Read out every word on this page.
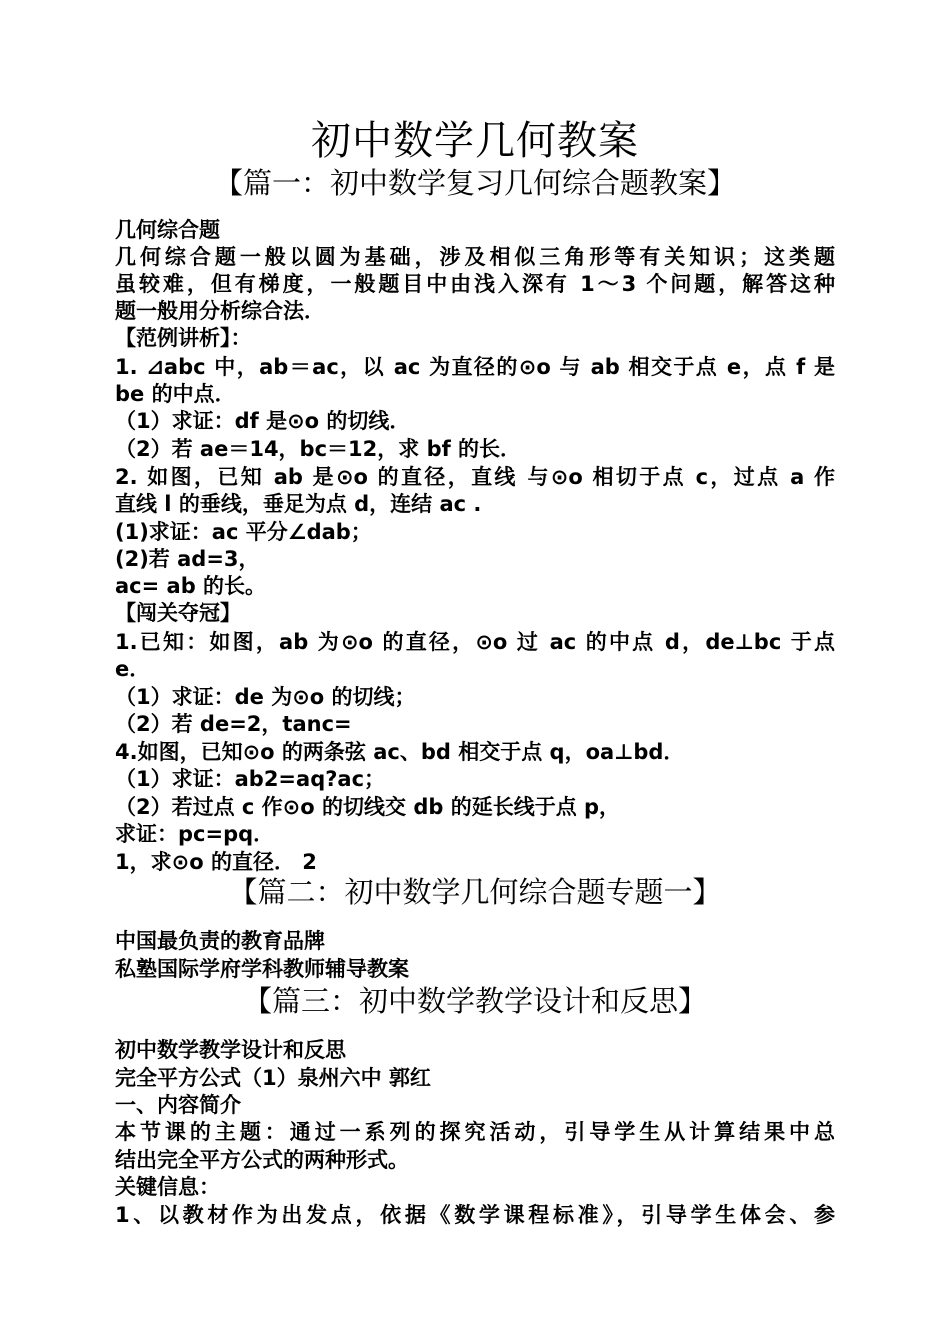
初中数学几何教案
【篇一：初中数学复习几何综合题教案】
几何综合题
几何综合题一般以圆为基础，涉及相似三角形等有关知识；这类题
虽较难，但有梯度，一般题目中由浅入深有 1～3 个问题，解答这种
题一般用分析综合法．
【范例讲析】：
1. ⊿abc 中，ab＝ac，以 ac 为直径的⊙o 与 ab 相交于点 e，点 f 是
be 的中点．
（1）求证：df 是⊙o 的切线．
（2）若 ae＝14，bc＝12，求 bf 的长．
2. 如图，已知 ab 是⊙o 的直径，直线 与⊙o 相切于点 c，过点 a 作
直线 l 的垂线，垂足为点 d，连结 ac .
(1)求证：ac 平分∠dab；
(2)若 ad=3，
ac= ab 的长。
【闯关夺冠】
1.已知：如图，ab 为⊙o 的直径，⊙o 过 ac 的中点 d，de⊥bc 于点
e．
（1）求证：de 为⊙o 的切线；
（2）若 de=2，tanc=
4.如图，已知⊙o 的两条弦 ac、bd 相交于点 q，oa⊥bd．
（1）求证：ab2=aq?ac；
（2）若过点 c 作⊙o 的切线交 db 的延长线于点 p，
求证：pc=pq．
1，求⊙o 的直径． 2
【篇二：初中数学几何综合题专题一】
中国最负责的教育品牌
私塾国际学府学科教师辅导教案
【篇三：初中数学教学设计和反思】
初中数学教学设计和反思
完全平方公式（1）泉州六中 郭红
一、内容简介
本节课的主题：通过一系列的探究活动，引导学生从计算结果中总
结出完全平方公式的两种形式。
关键信息：
1、以教材作为出发点，依据《数学课程标准》，引导学生体会、参
